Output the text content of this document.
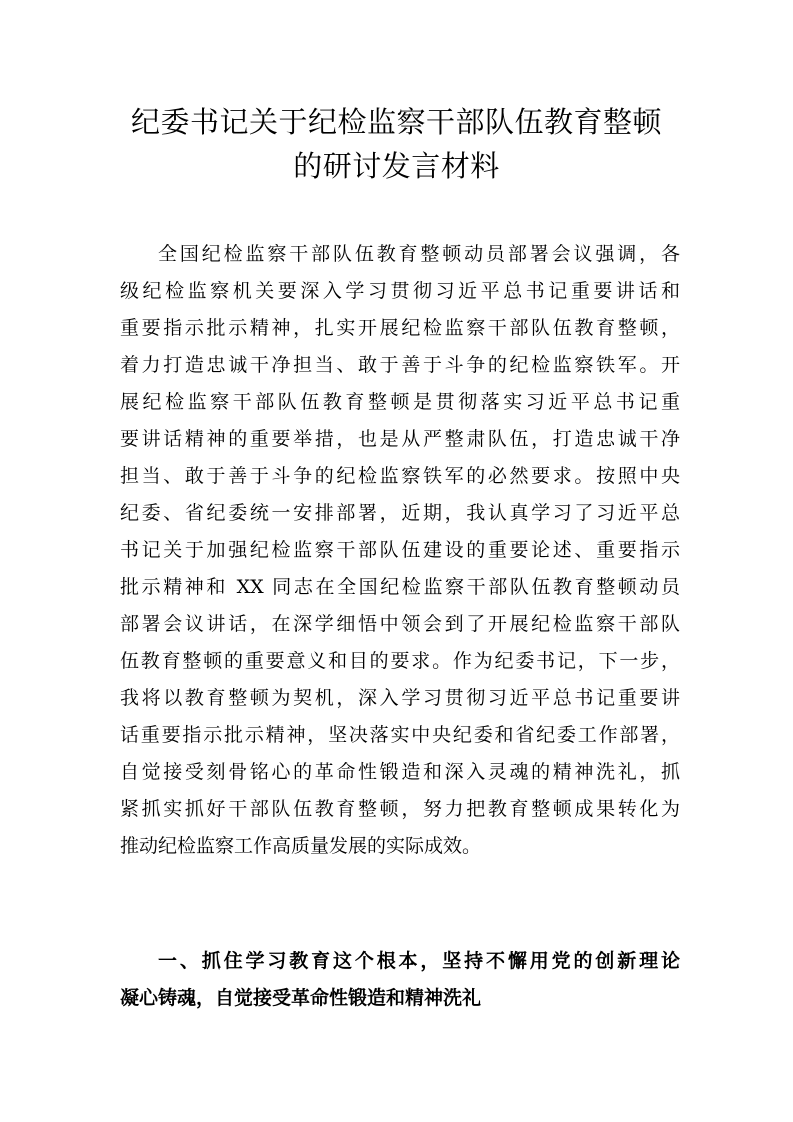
纪委书记关于纪检监察干部队伍教育整顿
的研讨发言材料
全国纪检监察干部队伍教育整顿动员部署会议强调，各
级纪检监察机关要深入学习贯彻习近平总书记重要讲话和
重要指示批示精神，扎实开展纪检监察干部队伍教育整顿，
着力打造忠诚干净担当、敢于善于斗争的纪检监察铁军。开
展纪检监察干部队伍教育整顿是贯彻落实习近平总书记重
要讲话精神的重要举措，也是从严整肃队伍，打造忠诚干净
担当、敢于善于斗争的纪检监察铁军的必然要求。按照中央
纪委、省纪委统一安排部署，近期，我认真学习了习近平总
书记关于加强纪检监察干部队伍建设的重要论述、重要指示
批示精神和 XX 同志在全国纪检监察干部队伍教育整顿动员
部署会议讲话，在深学细悟中领会到了开展纪检监察干部队
伍教育整顿的重要意义和目的要求。作为纪委书记，下一步，
我将以教育整顿为契机，深入学习贯彻习近平总书记重要讲
话重要指示批示精神，坚决落实中央纪委和省纪委工作部署，
自觉接受刻骨铭心的革命性锻造和深入灵魂的精神洗礼，抓
紧抓实抓好干部队伍教育整顿，努力把教育整顿成果转化为
推动纪检监察工作高质量发展的实际成效。
一、抓住学习教育这个根本，坚持不懈用党的创新理论
凝心铸魂，自觉接受革命性锻造和精神洗礼
